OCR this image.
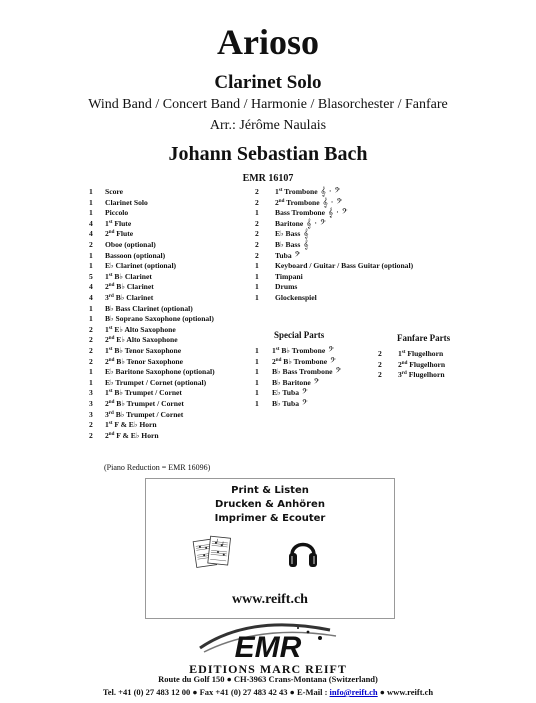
Arioso
Clarinet Solo
Wind Band / Concert Band / Harmonie / Blasorchester / Fanfare
Arr.: Jérôme Naulais
Johann Sebastian Bach
EMR 16107
1	Score
1	Clarinet Solo
1	Piccolo
4	1st Flute
4	2nd Flute
2	Oboe (optional)
1	Bassoon (optional)
1	E♭ Clarinet (optional)
5	1st B♭ Clarinet
4	2nd B♭ Clarinet
4	3rd B♭ Clarinet
1	B♭ Bass Clarinet (optional)
1	B♭ Soprano Saxophone (optional)
2	1st E♭ Alto Saxophone
2	2nd E♭ Alto Saxophone
2	1st B♭ Tenor Saxophone
2	2nd B♭ Tenor Saxophone
1	E♭ Baritone Saxophone (optional)
1	E♭ Trumpet / Cornet (optional)
3	1st B♭ Trumpet / Cornet
3	2nd B♭ Trumpet / Cornet
3	3rd B♭ Trumpet / Cornet
2	1st F & E♭ Horn
2	2nd F & E♭ Horn
2	1st Trombone 𝄞 · 𝄢
2	2nd Trombone 𝄞 · 𝄢
1	Bass Trombone 𝄞 · 𝄢
2	Baritone 𝄞 · 𝄢
2	E♭ Bass 𝄞
2	B♭ Bass 𝄞
2	Tuba 𝄢
1	Keyboard / Guitar / Bass Guitar (optional)
1	Timpani
1	Drums
1	Glockenspiel
Special Parts
1	1st B♭ Trombone 𝄢
1	2nd B♭ Trombone 𝄢
1	B♭ Bass Trombone 𝄢
1	B♭ Baritone 𝄢
1	E♭ Tuba 𝄢
1	B♭ Tuba 𝄢
Fanfare Parts
2	1st Flugelhorn
2	2nd Flugelhorn
2	3rd Flugelhorn
(Piano Reduction = EMR 16096)
Print & Listen
Drucken & Anhören
Imprimer & Ecouter
www.reift.ch
EMR
EDITIONS MARC REIFT
Route du Golf 150 ● CH-3963 Crans-Montana (Switzerland)
Tel. +41 (0) 27 483 12 00 ● Fax +41 (0) 27 483 42 43 ● E-Mail : info@reift.ch ● www.reift.ch
